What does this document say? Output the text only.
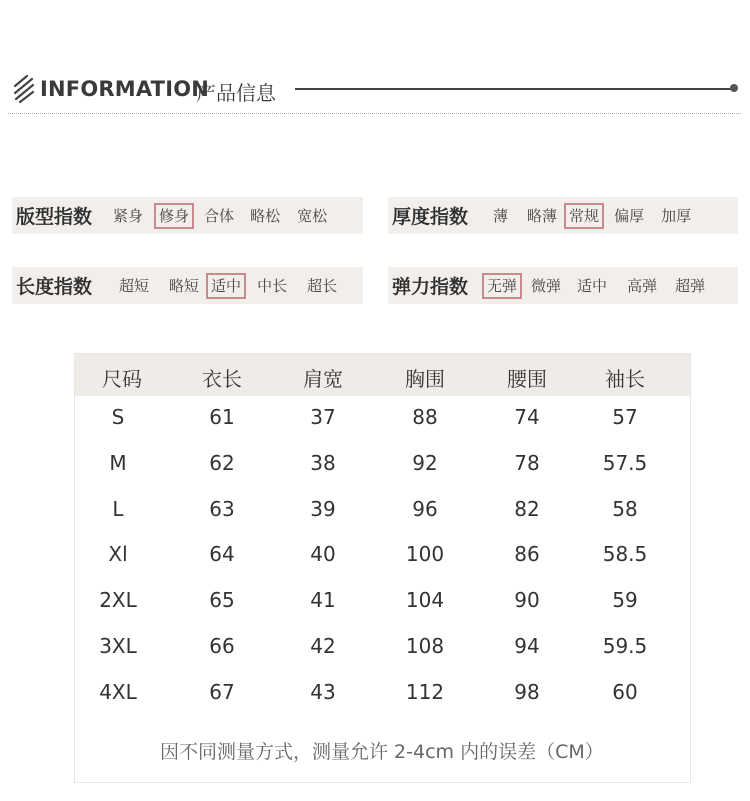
INFORMATION
产品信息
版型指数	紧身	修身	合体	略松	宽松	厚度指数	薄	略薄 常规	偏厚	加厚
长度指数	超短	略短 适中	中长	超长	弹力指数	无弹 微弹	适中	高弹	超弹
尺码	衣长	肩宽	胸围	腰围	袖长
S	61	37	88	74	57
M	62	38	92	78	57.5
L	63	39	96	82	58
Xl	64	40	100	86	58.5
2XL	65	41	104	90	59
3XL	66	42	108	94	59.5
4XL	67	43	112	98	60
因不同测量方式，测量允许 2-4cm 内的误差（CM）
